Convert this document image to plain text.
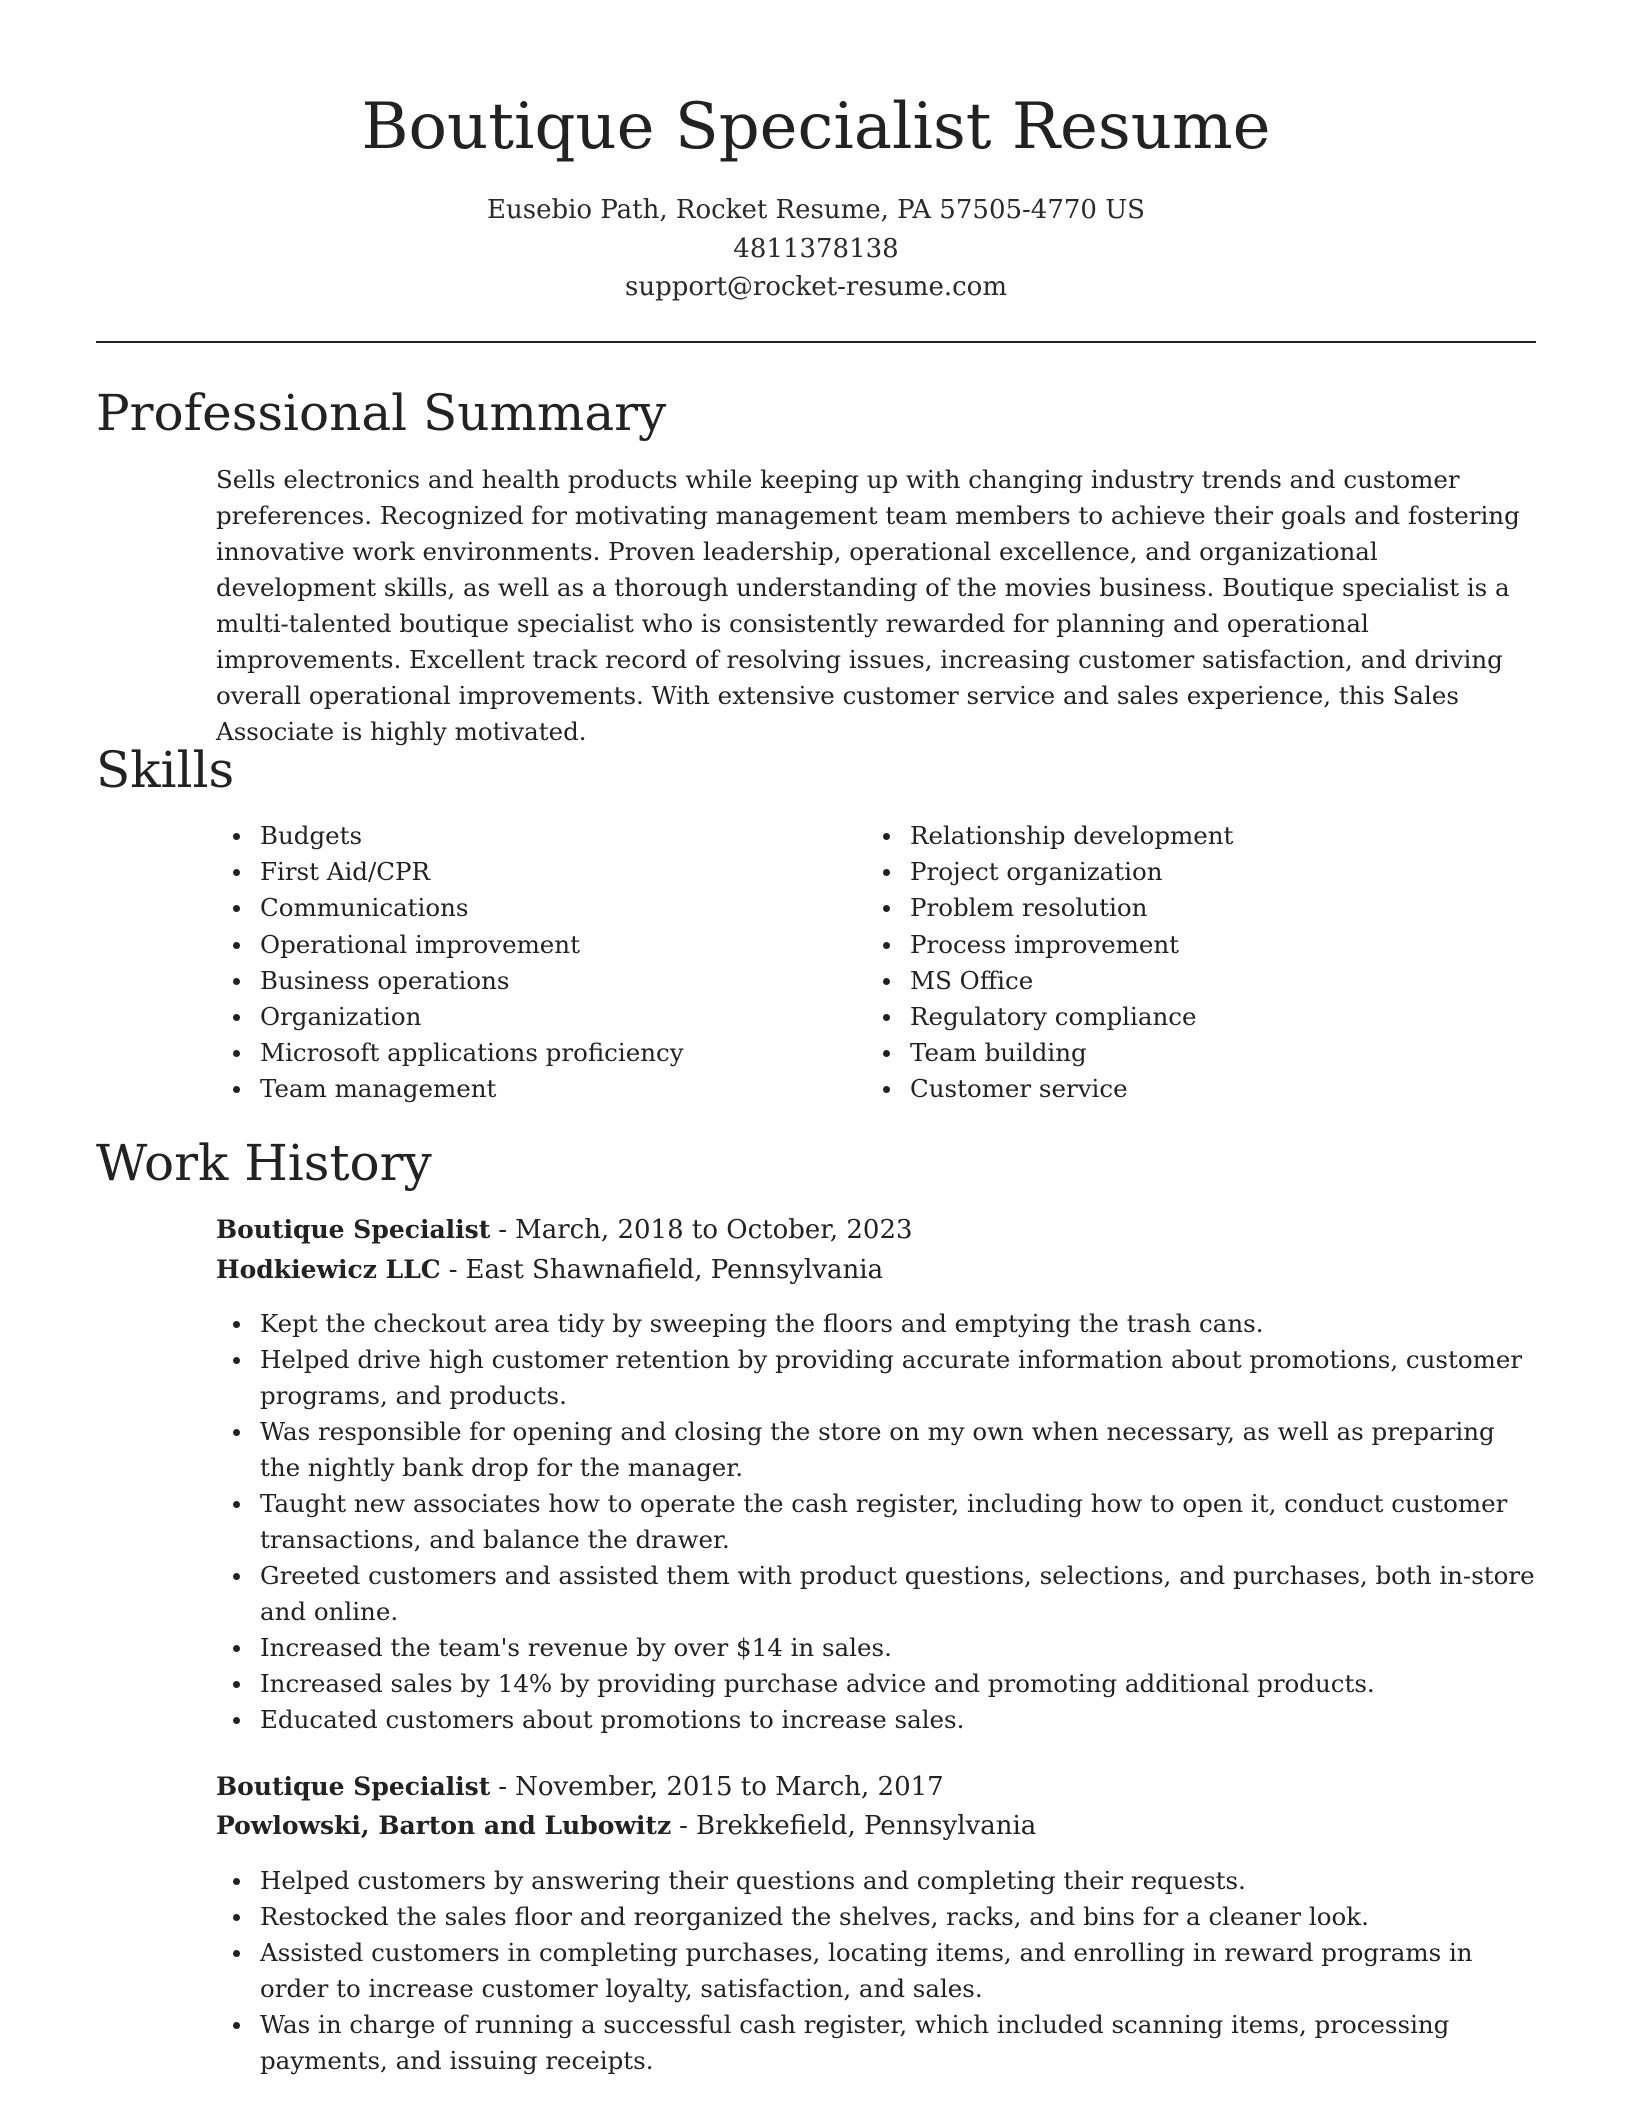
Boutique Specialist Resume
Eusebio Path, Rocket Resume, PA 57505-4770 US
4811378138
support@rocket-resume.com
Professional Summary

Sells electronics and health products while keeping up with changing industry trends and customer preferences. Recognized for motivating management team members to achieve their goals and fostering innovative work environments. Proven leadership, operational excellence, and organizational development skills, as well as a thorough understanding of the movies business. Boutique specialist is a multi-talented boutique specialist who is consistently rewarded for planning and operational improvements. Excellent track record of resolving issues, increasing customer satisfaction, and driving overall operational improvements. With extensive customer service and sales experience, this Sales Associate is highly motivated.

Skills
Budgets
First Aid/CPR
Communications
Operational improvement
Business operations
Organization
Microsoft applications proficiency
Team management
Relationship development
Project organization
Problem resolution
Process improvement
MS Office
Regulatory compliance
Team building
Customer service
Work History
Boutique Specialist - March, 2018 to October, 2023
Hodkiewicz LLC - East Shawnafield, Pennsylvania
Kept the checkout area tidy by sweeping the floors and emptying the trash cans.
Helped drive high customer retention by providing accurate information about promotions, customer programs, and products.
Was responsible for opening and closing the store on my own when necessary, as well as preparing the nightly bank drop for the manager.
Taught new associates how to operate the cash register, including how to open it, conduct customer transactions, and balance the drawer.
Greeted customers and assisted them with product questions, selections, and purchases, both in-store and online.
Increased the team's revenue by over $14 in sales.
Increased sales by 14% by providing purchase advice and promoting additional products.
Educated customers about promotions to increase sales.
Boutique Specialist - November, 2015 to March, 2017
Powlowski, Barton and Lubowitz - Brekkefield, Pennsylvania
Helped customers by answering their questions and completing their requests.
Restocked the sales floor and reorganized the shelves, racks, and bins for a cleaner look.
Assisted customers in completing purchases, locating items, and enrolling in reward programs in order to increase customer loyalty, satisfaction, and sales.
Was in charge of running a successful cash register, which included scanning items, processing payments, and issuing receipts.
